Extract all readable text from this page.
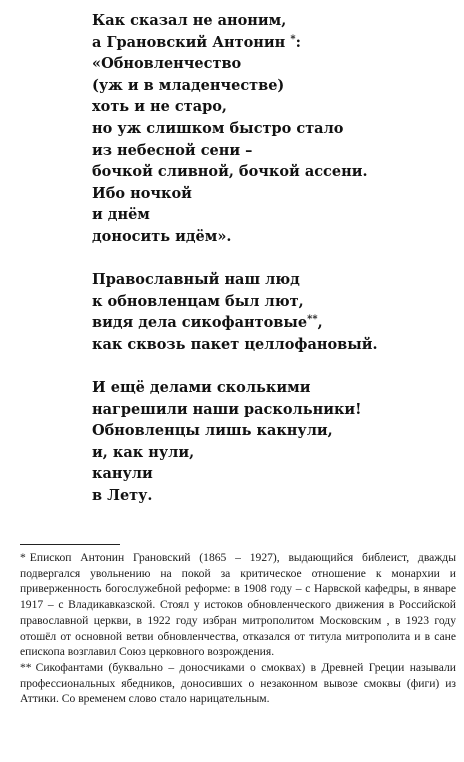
Как сказал не аноним,
а Грановский Антонин *:
«Обновленчество
(уж и в младенчестве)
хоть и не старо,
но уж слишком быстро стало
из небесной сени –
бочкой сливной, бочкой ассени.
Ибо ночкой
и днём
доносить идём».
Православный наш люд
к обновленцам был лют,
видя дела сикофантовые**,
как сквозь пакет целлофановый.
И ещё делами сколькими
нагрешили наши раскольники!
Обновленцы лишь какнули,
и, как нули,
канули
в Лету.

* Епископ Антонин Грановский (1865 – 1927), выдающийся библеист, дважды подвергался увольнению на покой за критическое отношение к монархии и приверженность богослужебной реформе: в 1908 году – с Нарвской кафедры, в январе 1917 – с Владикавказской. Стоял у истоков обновленческого движения в Российской православной церкви, в 1922 году избран митрополитом Московским , в 1923 году отошёл от основной ветви обновленчества, отказался от титула митрополита и в сане епископа возглавил Союз церковного возрождения.

** Сикофантами (буквально – доносчиками о смоквах) в Древней Греции называли профессиональных ябедников, доносивших о незаконном вывозе смоквы (фиги) из Аттики. Со временем слово стало нарицательным.
